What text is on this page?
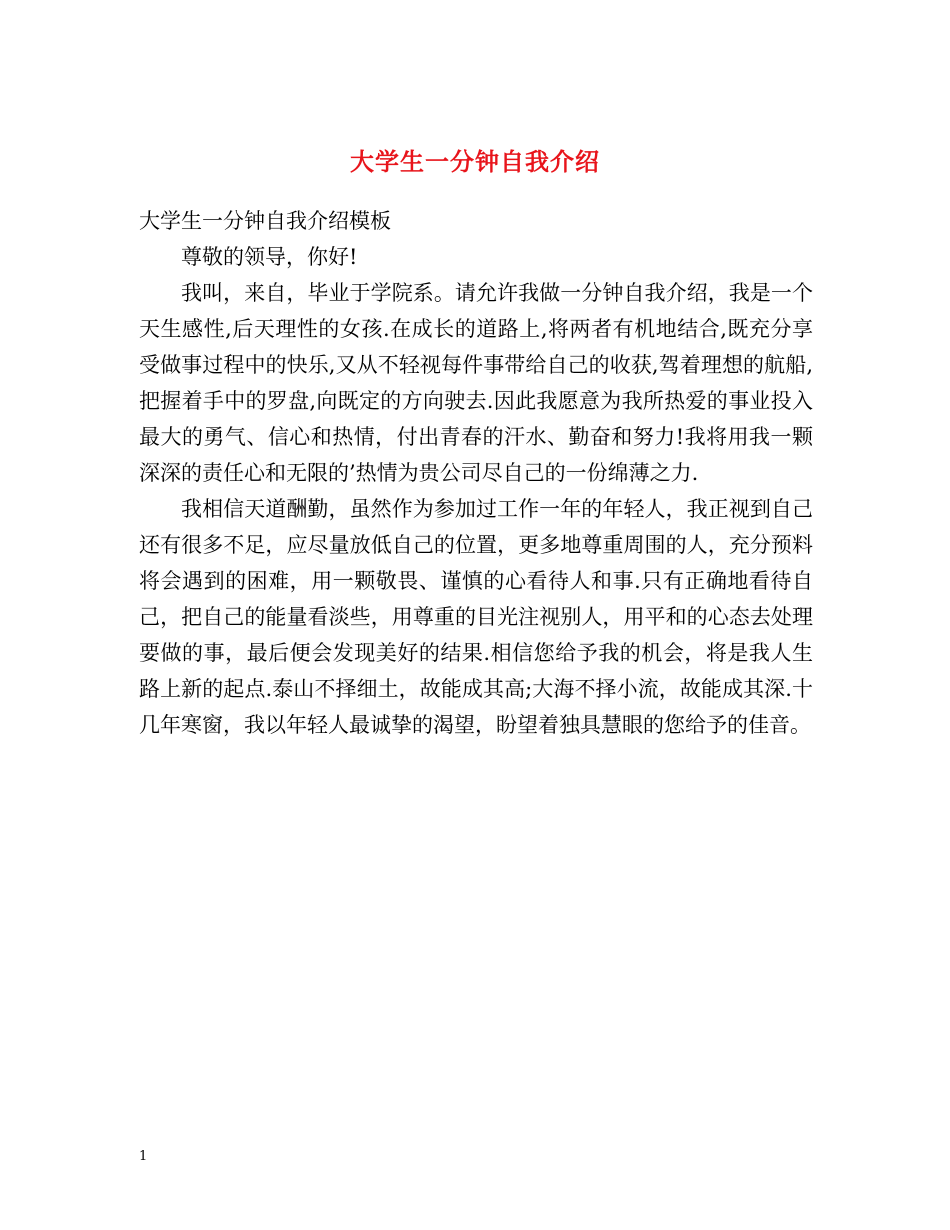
大学生一分钟自我介绍

大学生一分钟自我介绍模板

尊敬的领导，你好!

我叫，来自，毕业于学院系。请允许我做一分钟自我介绍，我是一个天生感性,后天理性的女孩.在成长的道路上,将两者有机地结合,既充分享受做事过程中的快乐,又从不轻视每件事带给自己的收获,驾着理想的航船,把握着手中的罗盘,向既定的方向驶去.因此我愿意为我所热爱的事业投入最大的勇气、信心和热情，付出青春的汗水、勤奋和努力!我将用我一颗深深的责任心和无限的’热情为贵公司尽自己的一份绵薄之力.

我相信天道酬勤，虽然作为参加过工作一年的年轻人，我正视到自己还有很多不足，应尽量放低自己的位置，更多地尊重周围的人，充分预料将会遇到的困难，用一颗敬畏、谨慎的心看待人和事.只有正确地看待自己，把自己的能量看淡些，用尊重的目光注视别人，用平和的心态去处理要做的事，最后便会发现美好的结果.相信您给予我的机会，将是我人生路上新的起点.泰山不择细土，故能成其高;大海不择小流，故能成其深.十几年寒窗，我以年轻人最诚挚的渴望，盼望着独具慧眼的您给予的佳音。

1
